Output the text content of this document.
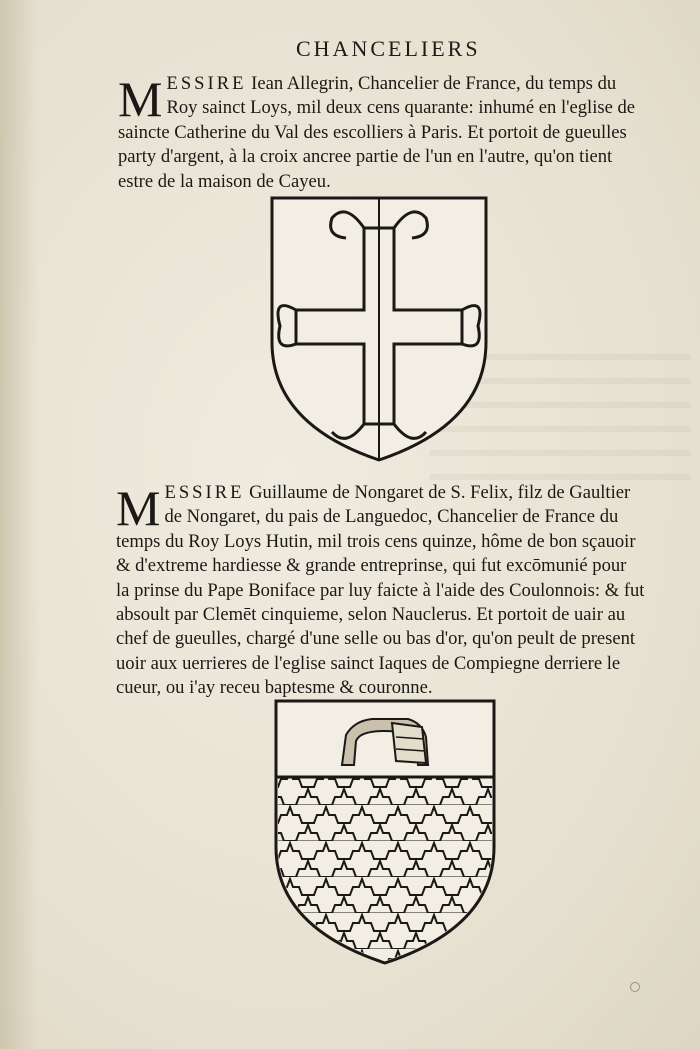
CHANCELIERS

M ESSIRE Iean Allegrin, Chancelier de France, du temps du
Roy sainct Loys, mil deux cens quarante: inhumé en l'eglise de
saincte Catherine du Val des escolliers à Paris. Et portoit de gueulles
party d'argent, à la croix ancree partie de l'un en l'autre, qu'on tient
estre de la maison de Cayeu.

M ESSIRE Guillaume de Nongaret de S. Felix, filz de Gaultier
de Nongaret, du pais de Languedoc, Chancelier de France du
temps du Roy Loys Hutin, mil trois cens quinze, hôme de bon sçauoir
& d'extreme hardiesse & grande entreprinse, qui fut excōmunié pour
la prinse du Pape Boniface par luy faicte à l'aide des Coulonnois: & fut
absoult par Clemēt cinquieme, selon Nauclerus. Et portoit de uair au
chef de gueulles, chargé d'une selle ou bas d'or, qu'on peult de present
uoir aux uerrieres de l'eglise sainct Iaques de Compiegne derriere le
cueur, ou i'ay receu baptesme & couronne.
